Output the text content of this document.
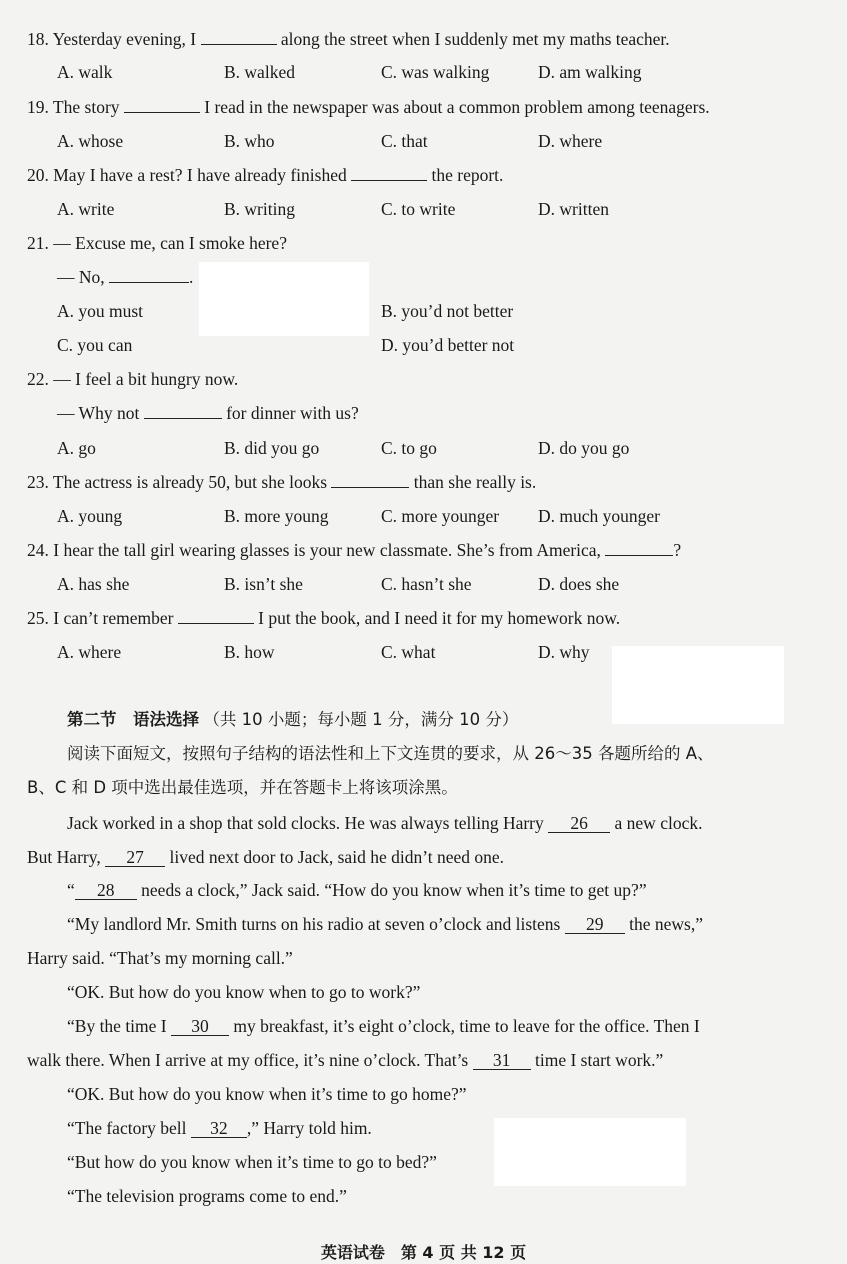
18. Yesterday evening, I	along the street when I suddenly met my maths teacher.
A. walk	B. walked	C. was walking	D. am walking
19. The story	I read in the newspaper was about a common problem among teenagers.
A. whose	B. who	C. that	D. where
20. May I have a rest? I have already finished	the report.
A. write	B. writing	C. to write	D. written
21. — Excuse me, can I smoke here?
— No,	.
A. you must	B. you’d not better
C. you can	D. you’d better not
22. — I feel a bit hungry now.
— Why not	for dinner with us?
A. go	B. did you go	C. to go	D. do you go
23. The actress is already 50, but she looks	than she really is.
A. young	B. more young	C. more younger D. much younger
24. I hear the tall girl wearing glasses is your new classmate. She’s from America,	?
A. has she	B. isn’t she	C. hasn’t she	D. does she
25. I can’t remember	I put the book, and I need it for my homework now.
A. where	B. how	C. what	D. why
第二节　语法选择 （共 10 小题；每小题 1 分，满分 10 分）
阅读下面短文，按照句子结构的语法性和上下文连贯的要求，从 26～35 各题所给的 A、
B、C 和 D 项中选出最佳选项，并在答题卡上将该项涂黑。
Jack worked in a shop that sold clocks. He was always telling Harry 26 a new clock.
But Harry, 27 lived next door to Jack, said he didn’t need one.
“ 28 needs a clock,” Jack said. “How do you know when it’s time to get up?”
“My landlord Mr. Smith turns on his radio at seven o’clock and listens 29 the news,”
Harry said. “That’s my morning call.”
“OK. But how do you know when to go to work?”
“By the time I 30 my breakfast, it’s eight o’clock, time to leave for the office. Then I
walk there. When I arrive at my office, it’s nine o’clock. That’s 31 time I start work.”
“OK. But how do you know when it’s time to go home?”
“The factory bell 32 ,” Harry told him.
“But how do you know when it’s time to go to bed?”
“The television programs come to end.”
英语试卷　第 4 页 共 12 页
